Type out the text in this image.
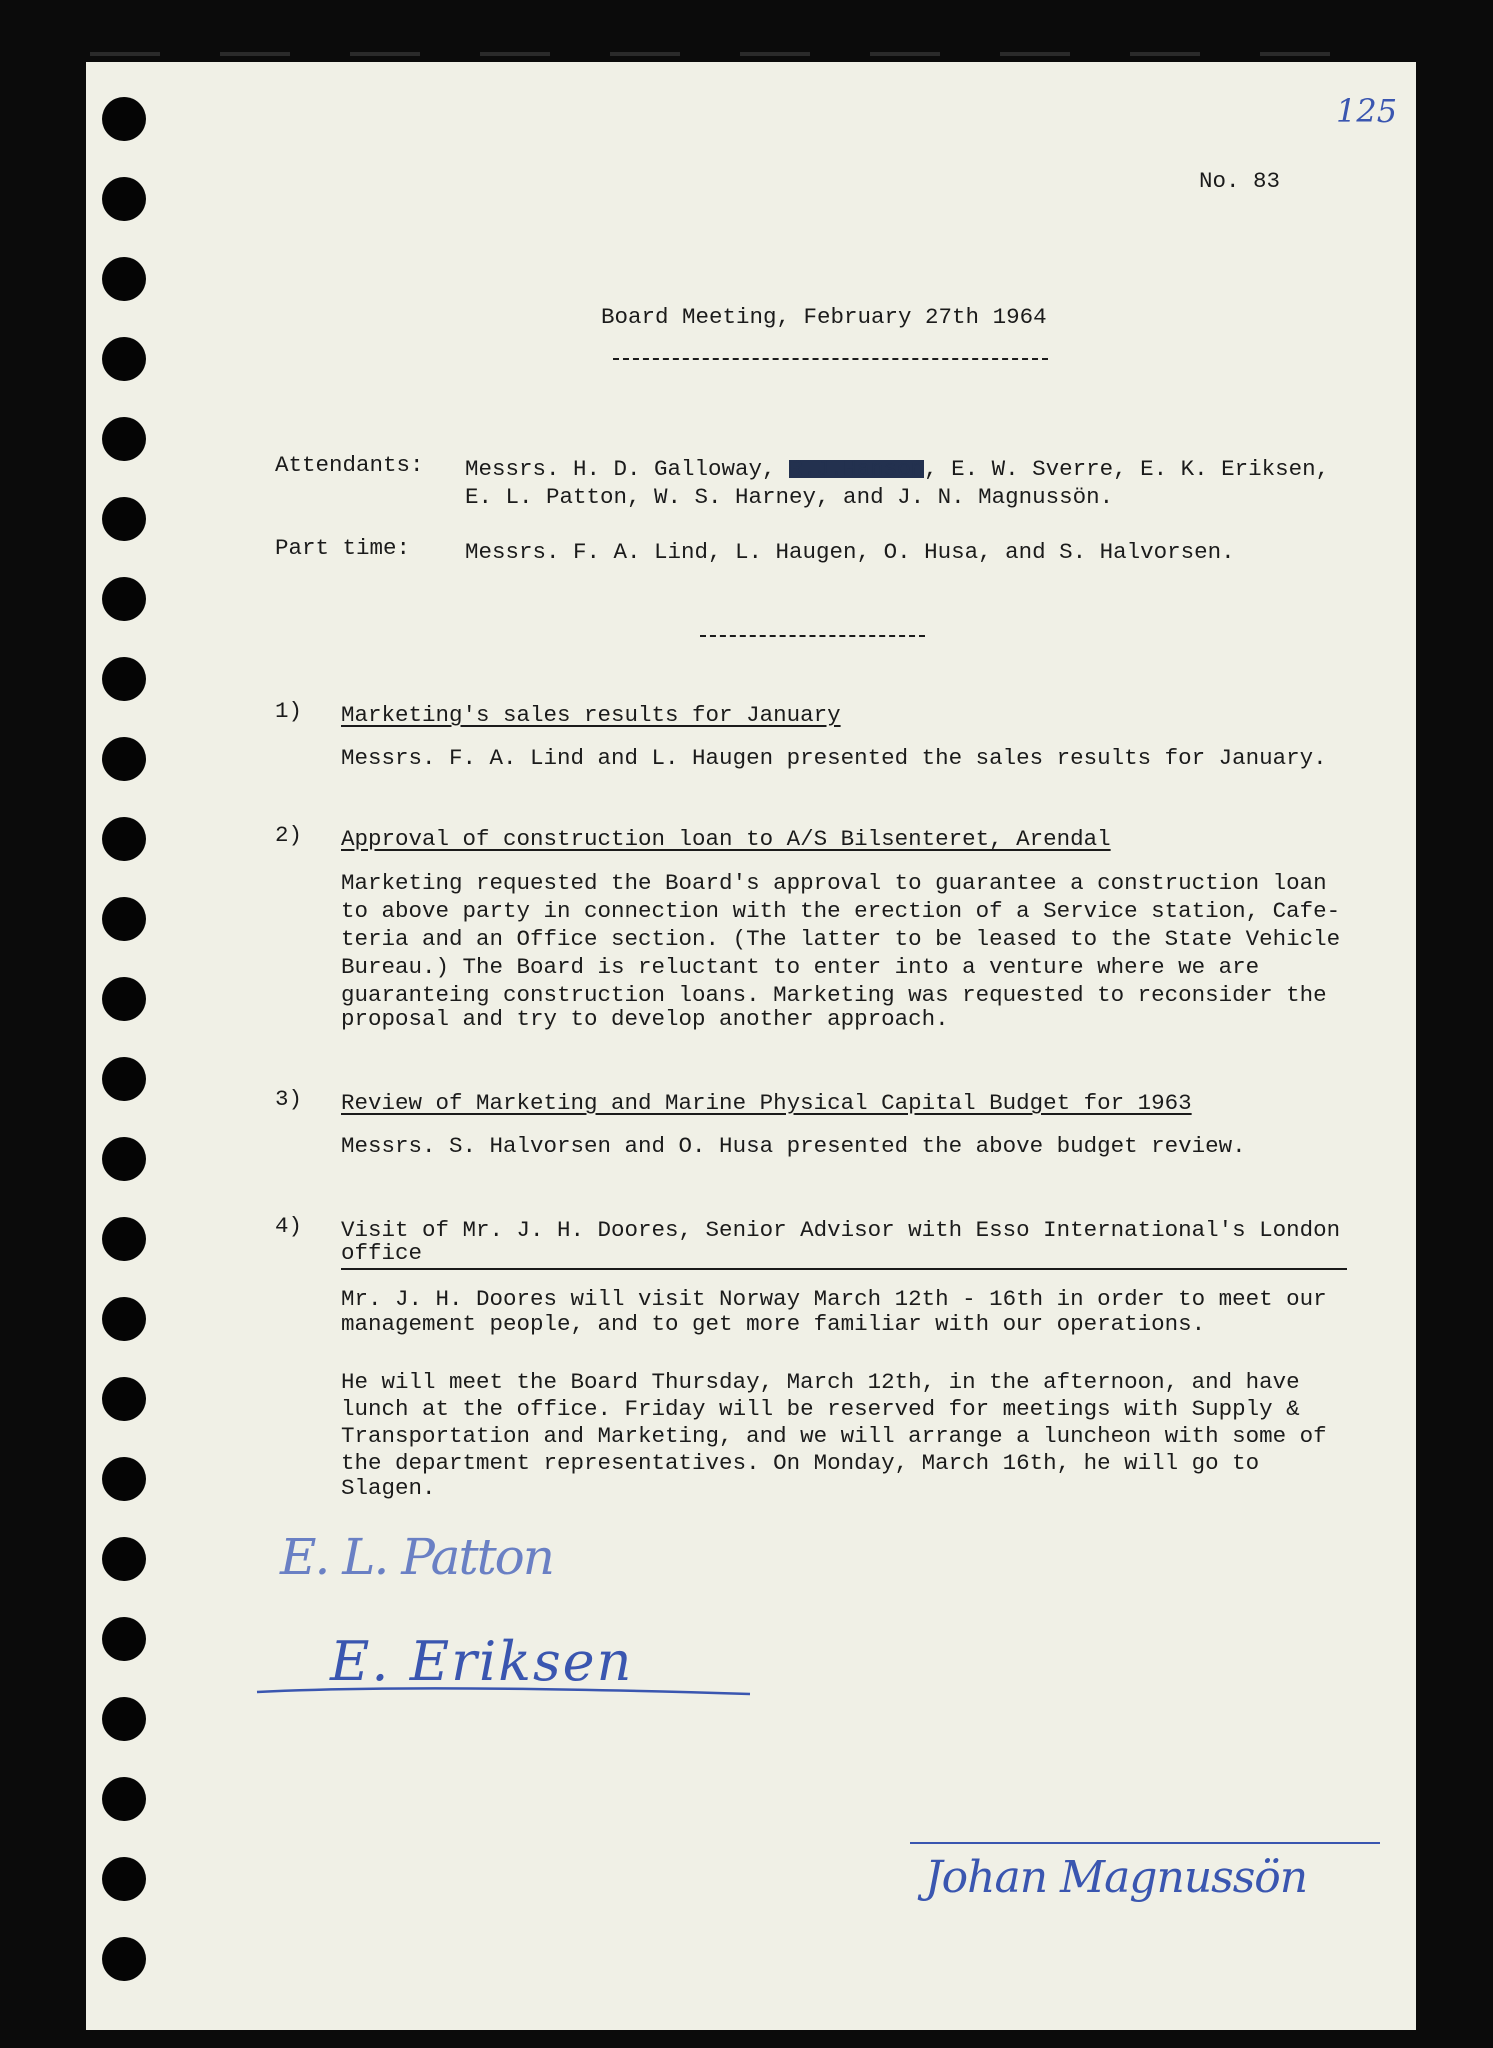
125
No. 83
Board Meeting, February 27th 1964
Attendants: Messrs. H. D. Galloway, R.J.Hanson, E. W. Sverre, E. K. Eriksen,
E. L. Patton, W. S. Harney, and J. N. Magnussön.
Part time: Messrs. F. A. Lind, L. Haugen, O. Husa, and S. Halvorsen.
1) Marketing's sales results for January
Messrs. F. A. Lind and L. Haugen presented the sales results for January.
2) Approval of construction loan to A/S Bilsenteret, Arendal
Marketing requested the Board's approval to guarantee a construction loan
to above party in connection with the erection of a Service station, Cafe-
teria and an Office section. (The latter to be leased to the State Vehicle
Bureau.) The Board is reluctant to enter into a venture where we are
guaranteing construction loans. Marketing was requested to reconsider the
proposal and try to develop another approach.
3) Review of Marketing and Marine Physical Capital Budget for 1963
Messrs. S. Halvorsen and O. Husa presented the above budget review.
4) Visit of Mr. J. H. Doores, Senior Advisor with Esso International's London
office
Mr. J. H. Doores will visit Norway March 12th - 16th in order to meet our
management people, and to get more familiar with our operations.
He will meet the Board Thursday, March 12th, in the afternoon, and have
lunch at the office. Friday will be reserved for meetings with Supply &
Transportation and Marketing, and we will arrange a luncheon with some of
the department representatives. On Monday, March 16th, he will go to
Slagen.
E. L. Patton
E. Eriksen
Johan Magnussön
